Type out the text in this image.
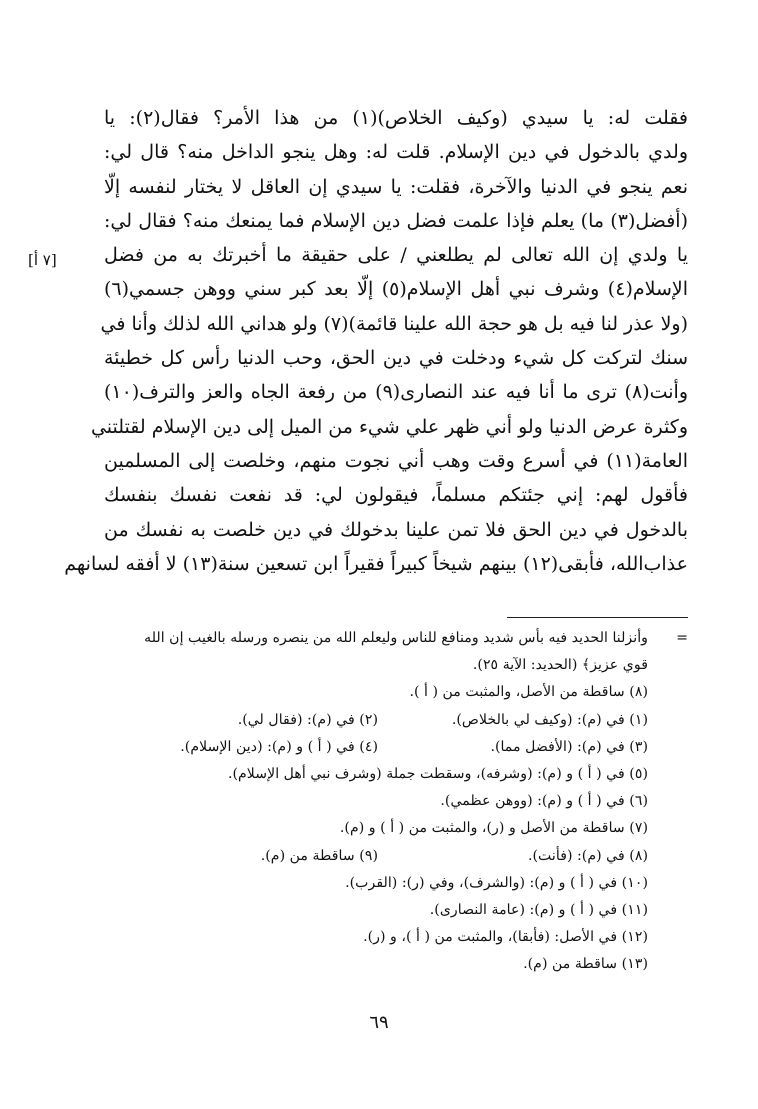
فقلت له: يا سيدي (وكيف الخلاص)(١) من هذا الأمر؟ فقال(٢): يا
ولدي بالدخول في دين الإسلام. قلت له: وهل ينجو الداخل منه؟ قال لي:
نعم ينجو في الدنيا والآخرة، فقلت: يا سيدي إن العاقل لا يختار لنفسه إلّا
(أفضل(٣) ما) يعلم فإذا علمت فضل دين الإسلام فما يمنعك منه؟ فقال لي:
يا ولدي إن الله تعالى لم يطلعني / على حقيقة ما أخبرتك به من فضل
الإسلام(٤) وشرف نبي أهل الإسلام(٥) إلّا بعد كبر سني ووهن جسمي(٦)
(ولا عذر لنا فيه بل هو حجة الله علينا قائمة)(٧) ولو هداني الله لذلك وأنا في
سنك لتركت كل شيء ودخلت في دين الحق، وحب الدنيا رأس كل خطيئة
وأنت(٨) ترى ما أنا فيه عند النصارى(٩) من رفعة الجاه والعز والترف(١٠)
وكثرة عرض الدنيا ولو أني ظهر علي شيء من الميل إلى دين الإسلام لقتلتني
العامة(١١) في أسرع وقت وهب أني نجوت منهم، وخلصت إلى المسلمين
فأقول لهم: إني جئتكم مسلماً، فيقولون لي: قد نفعت نفسك بنفسك
بالدخول في دين الحق فلا تمن علينا بدخولك في دين خلصت به نفسك من
عذاب‌الله، فأبقى(١٢) بينهم شيخاً كبيراً فقيراً ابن تسعين سنة(١٣) لا أفقه لسانهم
[٧ أ]
=
وأنزلنا الحديد فيه بأس شديد ومنافع للناس وليعلم الله من ينصره ورسله بالغيب إن الله
قوي عزيز﴾ (الحديد: الآية ٢٥).
(٨) ساقطة من الأصل، والمثبت من ( أ ).
(١) في (م): (وكيف لي بالخلاص).(٢) في (م): (فقال لي).
(٣) في (م): (الأفضل مما).(٤) في ( أ ) و (م): (دين الإسلام).
(٥) في ( أ ) و (م): (وشرفه)، وسقطت جملة (وشرف نبي أهل الإسلام).
(٦) في ( أ ) و (م): (ووهن عظمي).
(٧) ساقطة من الأصل و (ر)، والمثبت من ( أ ) و (م).
(٨) في (م): (فأنت).(٩) ساقطة من (م).
(١٠) في ( أ ) و (م): (والشرف)، وفي (ر): (القرب).
(١١) في ( أ ) و (م): (عامة النصارى).
(١٢) في الأصل: (فأبقا)، والمثبت من ( أ )، و (ر).
(١٣) ساقطة من (م).
٦٩
